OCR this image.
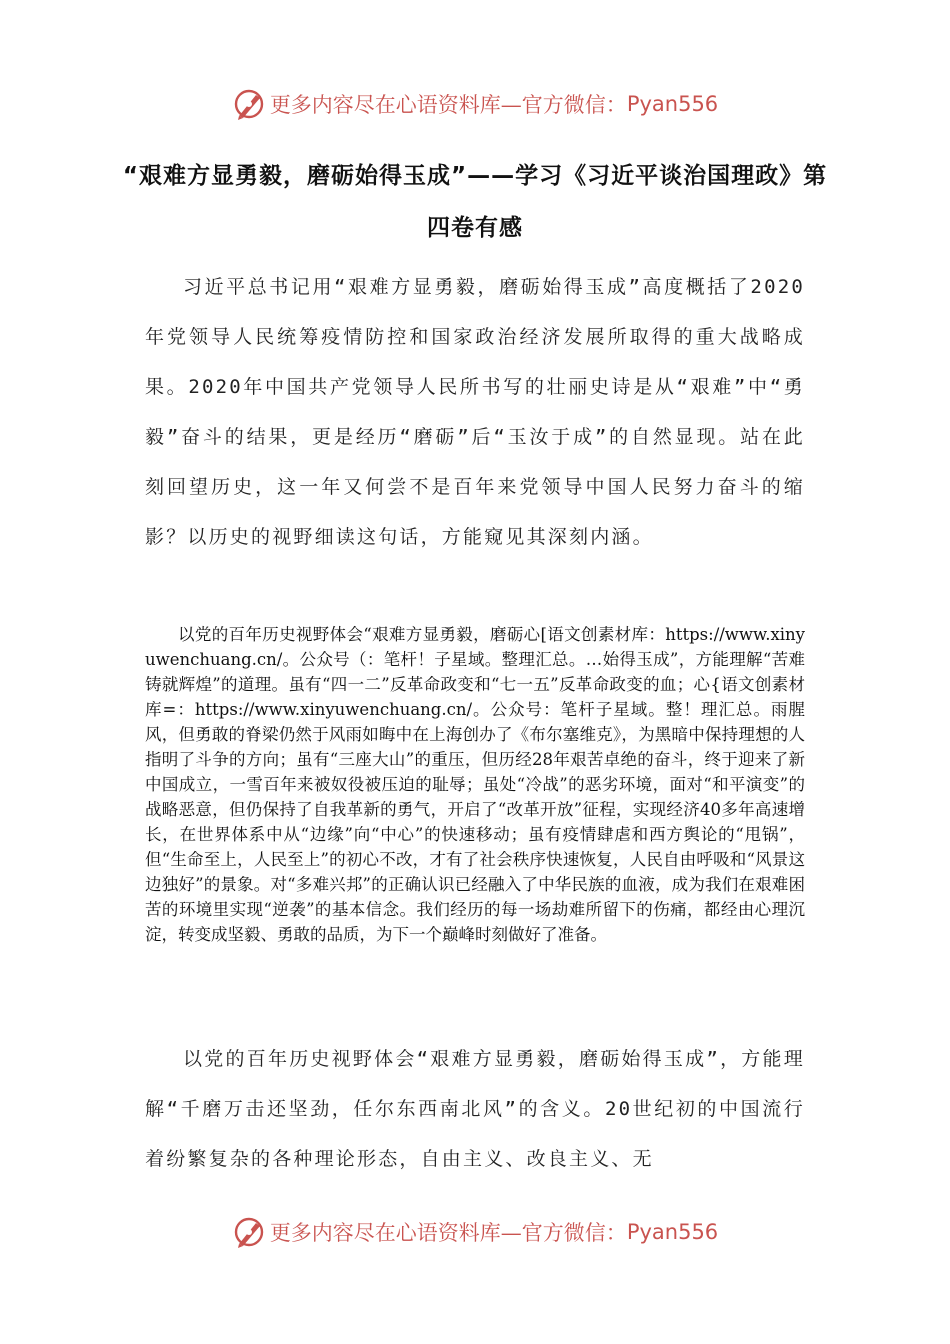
更多内容尽在心语资料库—官方微信： Pyan556
“艰难方显勇毅，磨砺始得玉成”——学习《习近平谈治国理政》第四卷有感
习近平总书记用“艰难方显勇毅，磨砺始得玉成”高度概括了2020年党领导人民统筹疫情防控和国家政治经济发展所取得的重大战略成果。2020年中国共产党领导人民所书写的壮丽史诗是从“艰难”中“勇毅”奋斗的结果，更是经历“磨砺”后“玉汝于成”的自然显现。站在此刻回望历史，这一年又何尝不是百年来党领导中国人民努力奋斗的缩影？以历史的视野细读这句话，方能窥见其深刻内涵。
以党的百年历史视野体会“艰难方显勇毅，磨砺心[语文创素材库：https://www.xinyuwenchuang.cn/。公众号（：笔杆！子星域。整理汇总。…始得玉成”，方能理解“苦难铸就辉煌”的道理。虽有“四一二”反革命政变和“七一五”反革命政变的血；心{语文创素材库=：https://www.xinyuwenchuang.cn/。公众号：笔杆子星域。整！理汇总。雨腥风，但勇敢的脊梁仍然于风雨如晦中在上海创办了《布尔塞维克》，为黑暗中保持理想的人指明了斗争的方向；虽有“三座大山”的重压，但历经28年艰苦卓绝的奋斗，终于迎来了新中国成立，一雪百年来被奴役被压迫的耻辱；虽处“冷战”的恶劣环境，面对“和平演变”的战略恶意，但仍保持了自我革新的勇气，开启了“改革开放”征程，实现经济40多年高速增长，在世界体系中从“边缘”向“中心”的快速移动；虽有疫情肆虐和西方舆论的“甩锅”，但“生命至上，人民至上”的初心不改，才有了社会秩序快速恢复，人民自由呼吸和“风景这边独好”的景象。对“多难兴邦”的正确认识已经融入了中华民族的血液，成为我们在艰难困苦的环境里实现“逆袭”的基本信念。我们经历的每一场劫难所留下的伤痛，都经由心理沉淀，转变成坚毅、勇敢的品质，为下一个巅峰时刻做好了准备。
以党的百年历史视野体会“艰难方显勇毅，磨砺始得玉成”，方能理解“千磨万击还坚劲，任尔东西南北风”的含义。20世纪初的中国流行着纷繁复杂的各种理论形态，自由主义、改良主义、无
更多内容尽在心语资料库—官方微信： Pyan556
